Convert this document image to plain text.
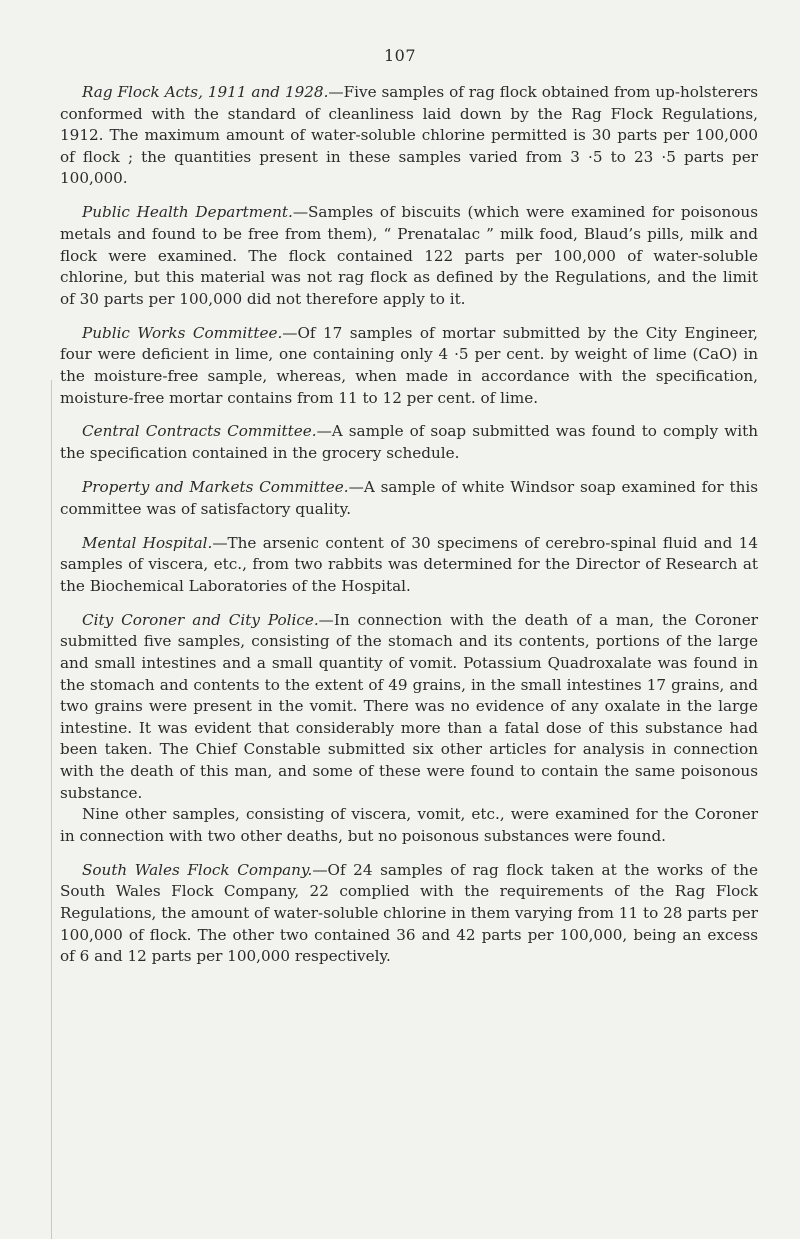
107

Rag Flock Acts, 1911 and 1928.—Five samples of rag flock obtained from up-holsterers conformed with the standard of cleanliness laid down by the Rag Flock Regulations, 1912. The maximum amount of water-soluble chlorine permitted is 30 parts per 100,000 of flock ; the quantities present in these samples varied from 3 ·5 to 23 ·5 parts per 100,000.

Public Health Department.—Samples of biscuits (which were examined for poisonous metals and found to be free from them), “ Prenatalac ” milk food, Blaud’s pills, milk and flock were examined. The flock contained 122 parts per 100,000 of water-soluble chlorine, but this material was not rag flock as defined by the Regulations, and the limit of 30 parts per 100,000 did not therefore apply to it.

Public Works Committee.—Of 17 samples of mortar submitted by the City Engineer, four were deficient in lime, one containing only 4 ·5 per cent. by weight of lime (CaO) in the moisture-free sample, whereas, when made in accordance with the specification, moisture-free mortar contains from 11 to 12 per cent. of lime.

Central Contracts Committee.—A sample of soap submitted was found to comply with the specification contained in the grocery schedule.

Property and Markets Committee.—A sample of white Windsor soap examined for this committee was of satisfactory quality.

Mental Hospital.—The arsenic content of 30 specimens of cerebro-spinal fluid and 14 samples of viscera, etc., from two rabbits was determined for the Director of Research at the Biochemical Laboratories of the Hospital.

City Coroner and City Police.—In connection with the death of a man, the Coroner submitted five samples, consisting of the stomach and its contents, portions of the large and small intestines and a small quantity of vomit. Potassium Quadroxalate was found in the stomach and contents to the extent of 49 grains, in the small intestines 17 grains, and two grains were present in the vomit. There was no evidence of any oxalate in the large intestine. It was evident that considerably more than a fatal dose of this substance had been taken. The Chief Constable submitted six other articles for analysis in connection with the death of this man, and some of these were found to contain the same poisonous substance.

Nine other samples, consisting of viscera, vomit, etc., were examined for the Coroner in connection with two other deaths, but no poisonous substances were found.

South Wales Flock Company.—Of 24 samples of rag flock taken at the works of the South Wales Flock Company, 22 complied with the requirements of the Rag Flock Regulations, the amount of water-soluble chlorine in them varying from 11 to 28 parts per 100,000 of flock. The other two contained 36 and 42 parts per 100,000, being an excess of 6 and 12 parts per 100,000 respectively.
